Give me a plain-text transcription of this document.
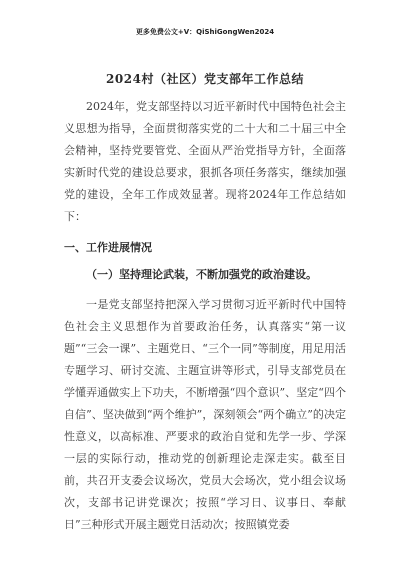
更多免费公文+V：QiShiGongWen2024
2024村（社区）党支部年工作总结

2024年，党支部坚持以习近平新时代中国特色社会主义思想为指导，全面贯彻落实党的二十大和二十届三中全会精神，坚持党要管党、全面从严治党指导方针，全面落实新时代党的建设总要求，狠抓各项任务落实，继续加强党的建设，全年工作成效显著。现将2024年工作总结如下：

一、工作进展情况
（一）坚持理论武装，不断加强党的政治建设。

一是党支部坚持把深入学习贯彻习近平新时代中国特色社会主义思想作为首要政治任务，认真落实“第一议题”“三会一课”、主题党日、“三个一同”等制度，用足用活专题学习、研讨交流、主题宣讲等形式，引导支部党员在学懂弄通做实上下功夫，不断增强“四个意识”、坚定“四个自信”、坚决做到“两个维护”，深刻领会“两个确立”的决定性意义，以高标准、严要求的政治自觉和先学一步、学深一层的实际行动，推动党的创新理论走深走实。截至目前，共召开支委会议场次，党员大会场次，党小组会议场次，支部书记讲党课次；按照“学习日、议事日、奉献日”三种形式开展主题党日活动次；按照镇党委
